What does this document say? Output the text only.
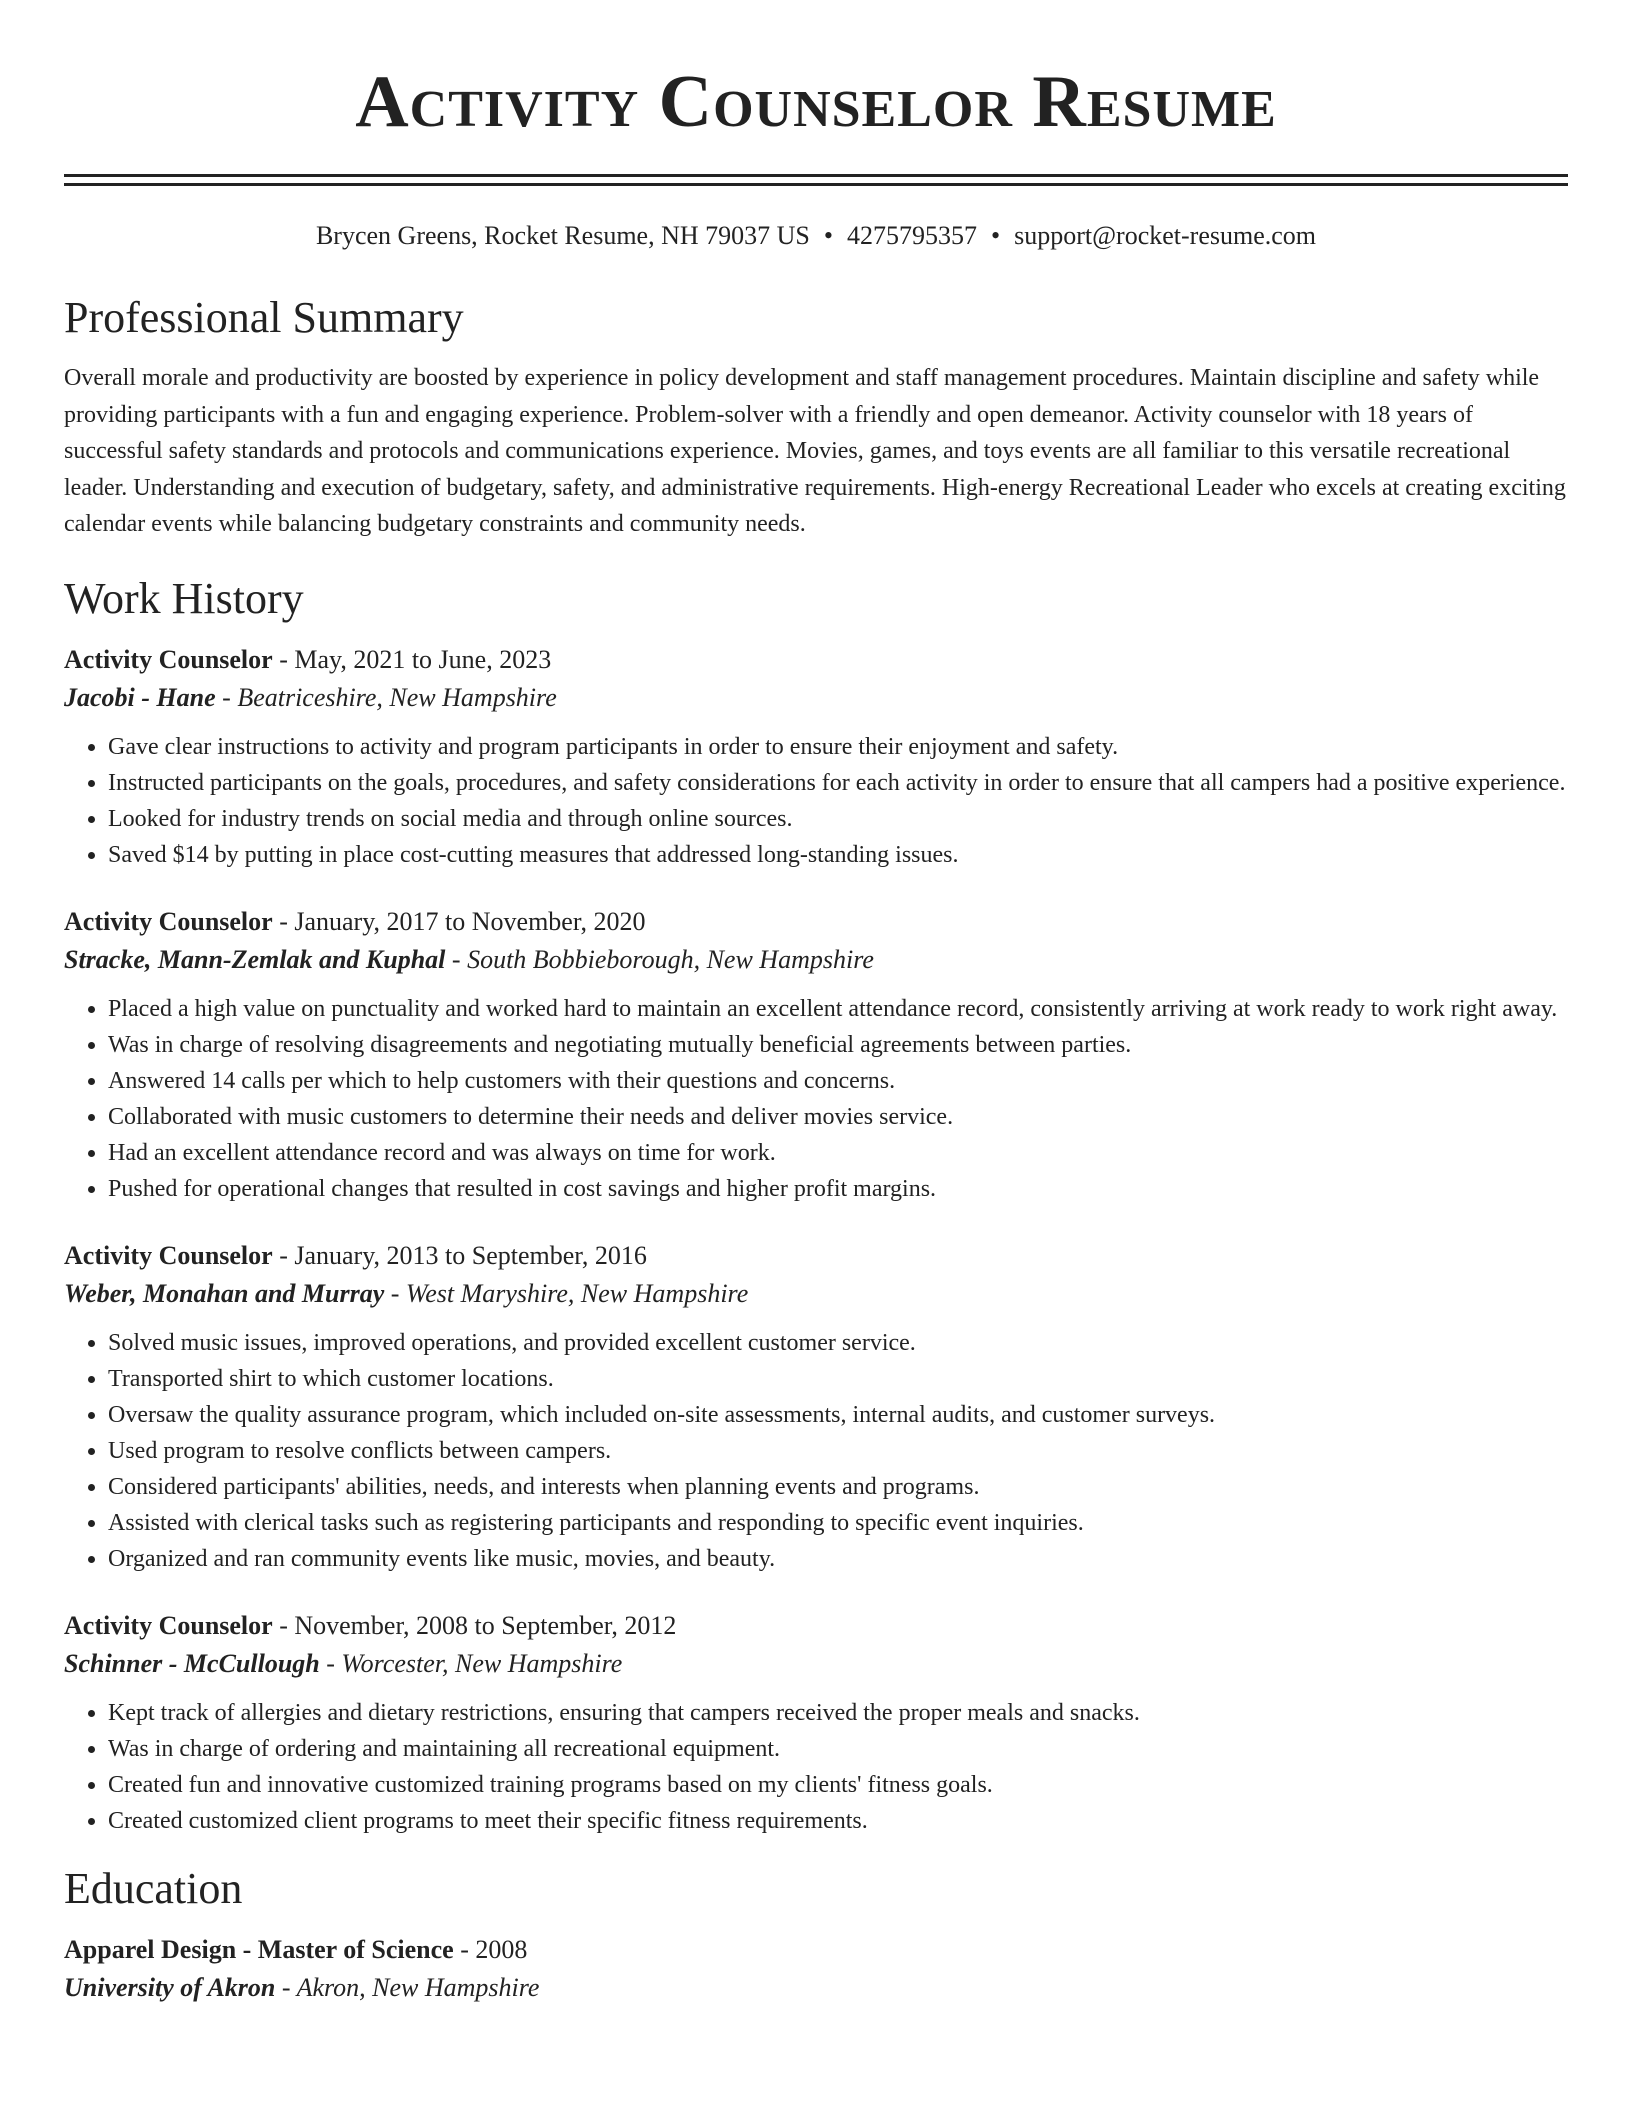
Activity Counselor Resume
Brycen Greens, Rocket Resume, NH 79037 US • 4275795357 • support@rocket-resume.com
Professional Summary

Overall morale and productivity are boosted by experience in policy development and staff management procedures. Maintain discipline and safety while providing participants with a fun and engaging experience. Problem-solver with a friendly and open demeanor. Activity counselor with 18 years of successful safety standards and protocols and communications experience. Movies, games, and toys events are all familiar to this versatile recreational leader. Understanding and execution of budgetary, safety, and administrative requirements. High-energy Recreational Leader who excels at creating exciting calendar events while balancing budgetary constraints and community needs.

Work History
Activity Counselor - May, 2021 to June, 2023
Jacobi - Hane - Beatriceshire, New Hampshire
• Gave clear instructions to activity and program participants in order to ensure their enjoyment and safety.
• Instructed participants on the goals, procedures, and safety considerations for each activity in order to ensure that all campers had a positive experience.
• Looked for industry trends on social media and through online sources.
• Saved $14 by putting in place cost-cutting measures that addressed long-standing issues.
Activity Counselor - January, 2017 to November, 2020
Stracke, Mann-Zemlak and Kuphal - South Bobbieborough, New Hampshire
• Placed a high value on punctuality and worked hard to maintain an excellent attendance record, consistently arriving at work ready to work right away.
• Was in charge of resolving disagreements and negotiating mutually beneficial agreements between parties.
• Answered 14 calls per which to help customers with their questions and concerns.
• Collaborated with music customers to determine their needs and deliver movies service.
• Had an excellent attendance record and was always on time for work.
• Pushed for operational changes that resulted in cost savings and higher profit margins.
Activity Counselor - January, 2013 to September, 2016
Weber, Monahan and Murray - West Maryshire, New Hampshire
• Solved music issues, improved operations, and provided excellent customer service.
• Transported shirt to which customer locations.
• Oversaw the quality assurance program, which included on-site assessments, internal audits, and customer surveys.
• Used program to resolve conflicts between campers.
• Considered participants' abilities, needs, and interests when planning events and programs.
• Assisted with clerical tasks such as registering participants and responding to specific event inquiries.
• Organized and ran community events like music, movies, and beauty.
Activity Counselor - November, 2008 to September, 2012
Schinner - McCullough - Worcester, New Hampshire
• Kept track of allergies and dietary restrictions, ensuring that campers received the proper meals and snacks.
• Was in charge of ordering and maintaining all recreational equipment.
• Created fun and innovative customized training programs based on my clients' fitness goals.
• Created customized client programs to meet their specific fitness requirements.
Education
Apparel Design - Master of Science - 2008
University of Akron - Akron, New Hampshire
